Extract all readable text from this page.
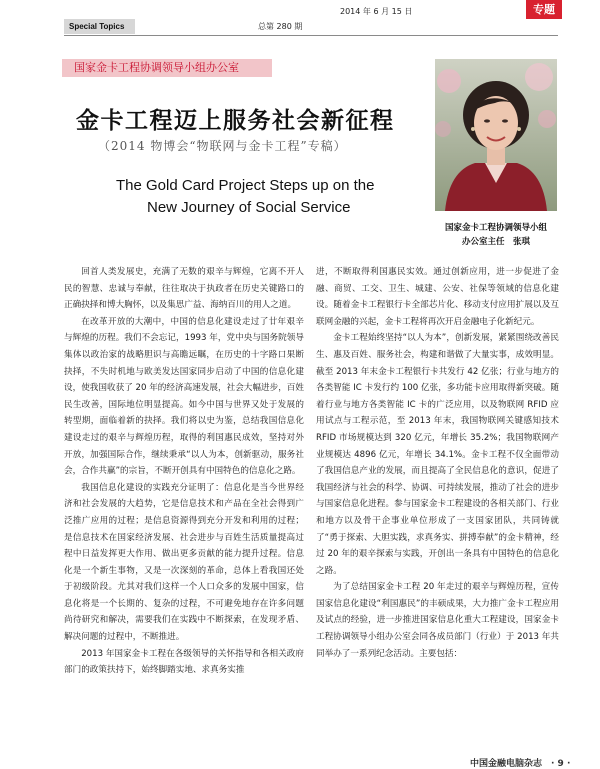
2014 年 6 月 15 日	专题
Special Topics	总第 280 期
国家金卡工程协调领导小组办公室
金卡工程迈上服务社会新征程
（2014 物博会“物联网与金卡工程”专稿）
The Gold Card Project Steps up on the
New Journey of Social Service
国家金卡工程协调领导小组
办公室主任　张琪

回首人类发展史，充满了无数的艰辛与辉煌，它离不开人民的智慧、忠诚与奉献，往往取决于执政者在历史关键路口的正确抉择和博大胸怀，以及集思广益、海纳百川的用人之道。

在改革开放的大潮中，中国的信息化建设走过了廿年艰辛与辉煌的历程。我们不会忘记，1993 年，党中央与国务院领导集体以政治家的战略胆识与高瞻远瞩，在历史的十字路口果断抉择，不失时机地与欧美发达国家同步启动了中国的信息化建设，使我国收获了 20 年的经济高速发展，社会大幅进步，百姓民生改善，国际地位明显提高。如今中国与世界又处于发展的转型期，面临着新的抉择。我们将以史为鉴，总结我国信息化建设走过的艰辛与辉煌历程，取得的利国惠民成效，坚持对外开放，加强国际合作，继续秉承“以人为本，创新驱动，服务社会，合作共赢”的宗旨，不断开创具有中国特色的信息化之路。

我国信息化建设的实践充分证明了：信息化是当今世界经济和社会发展的大趋势，它是信息技术和产品在全社会得到广泛推广应用的过程；是信息资源得到充分开发和利用的过程；是信息技术在国家经济发展、社会进步与百姓生活质量提高过程中日益发挥更大作用、做出更多贡献的能力提升过程。信息化是一个新生事物，又是一次深刻的革命，总体上看我国还处于初级阶段。尤其对我们这样一个人口众多的发展中国家，信息化将是一个长期的、复杂的过程，不可避免地存在许多问题尚待研究和解决，需要我们在实践中不断探索，在发现矛盾、解决问题的过程中，不断推进。

2013 年国家金卡工程在各级领导的关怀指导和各相关政府部门的政策扶持下，始终脚踏实地、求真务实推

进，不断取得利国惠民实效。通过创新应用，进一步促进了金融、商贸、工交、卫生、城建、公安、社保等领域的信息化建设。随着金卡工程银行卡全部芯片化、移动支付应用扩展以及互联网金融的兴起，金卡工程将再次开启金融电子化新纪元。

金卡工程始终坚持“以人为本”，创新发展，紧紧围绕改善民生、惠及百姓、服务社会，构建和谐做了大量实事，成效明显。截至 2013 年末金卡工程银行卡共发行 42 亿张；行业与地方的各类智能 IC 卡发行约 100 亿张，多功能卡应用取得新突破。随着行业与地方各类智能 IC 卡的广泛应用，以及物联网 RFID 应用试点与工程示范，至 2013 年末，我国物联网关键感知技术 RFID 市场规模达到 320 亿元，年增长 35.2%；我国物联网产业规模达 4896 亿元，年增长 34.1%。金卡工程不仅全面带动了我国信息产业的发展，而且提高了全民信息化的意识，促进了我国经济与社会的科学、协调、可持续发展，推动了社会的进步与国家信息化进程。参与国家金卡工程建设的各相关部门、行业和地方以及骨干企事业单位形成了一支国家团队，共同铸就了“勇于探索、大胆实践，求真务实、拼搏奉献”的金卡精神，经过 20 年的艰辛探索与实践，开创出一条具有中国特色的信息化之路。

为了总结国家金卡工程 20 年走过的艰辛与辉煌历程，宣传国家信息化建设“利国惠民”的丰硕成果，大力推广金卡工程应用及试点的经验，进一步推进国家信息化重大工程建设，国家金卡工程协调领导小组办公室会同各成员部门（行业）于 2013 年共同举办了一系列纪念活动。主要包括：

中国金融电脑杂志　· 9 ·
